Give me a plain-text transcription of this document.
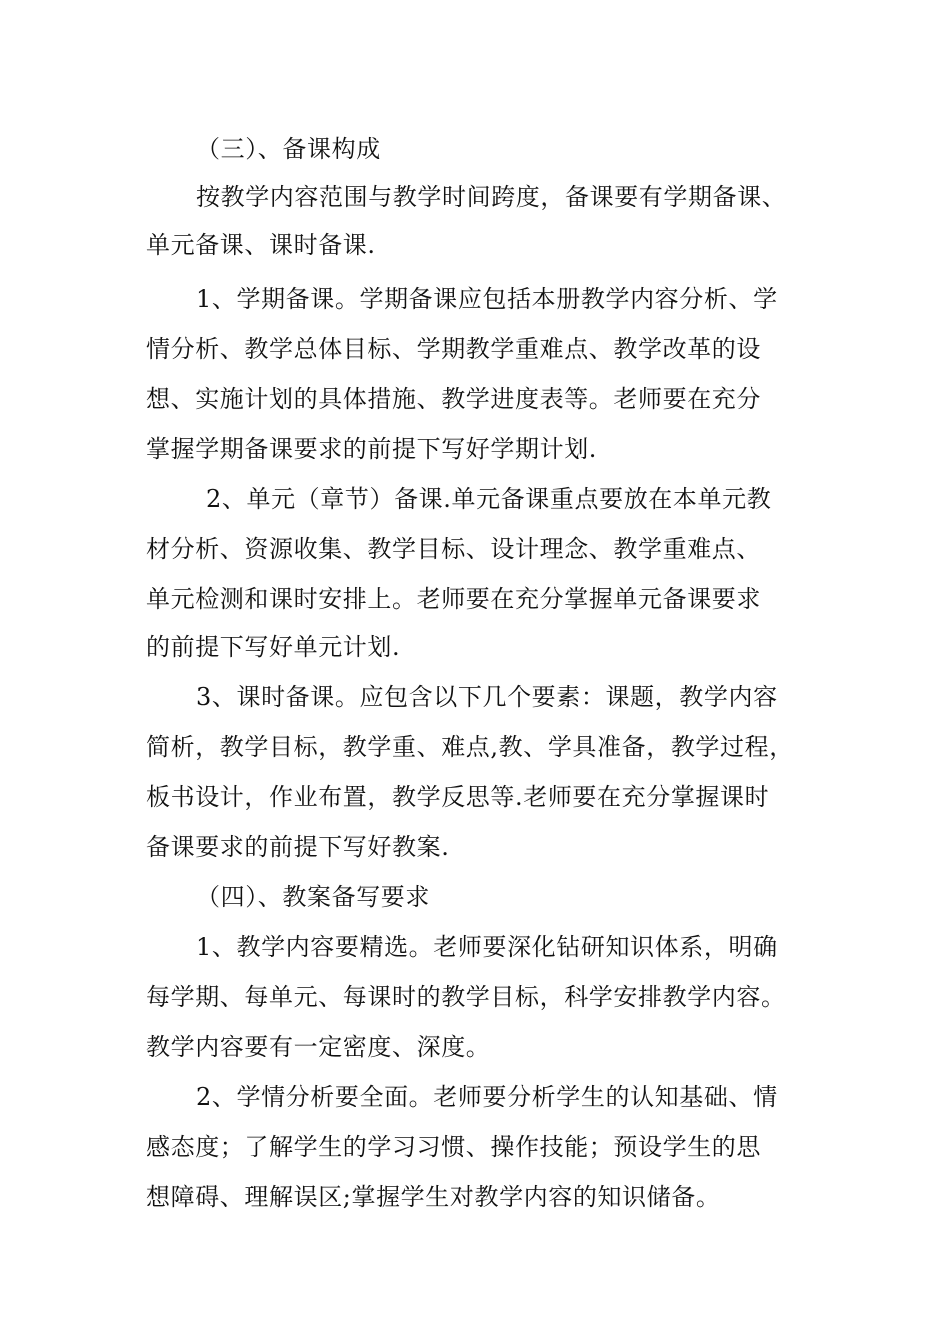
（三）、备课构成
按教学内容范围与教学时间跨度，备课要有学期备课、
单元备课、课时备课.
1、学期备课。学期备课应包括本册教学内容分析、学
情分析、教学总体目标、学期教学重难点、教学改革的设
想、实施计划的具体措施、教学进度表等。老师要在充分
掌握学期备课要求的前提下写好学期计划.
2、单元（章节）备课.单元备课重点要放在本单元教
材分析、资源收集、教学目标、设计理念、教学重难点、
单元检测和课时安排上。老师要在充分掌握单元备课要求
的前提下写好单元计划.
3、课时备课。应包含以下几个要素：课题，教学内容
简析，教学目标，教学重、难点,教、学具准备，教学过程，
板书设计，作业布置，教学反思等.老师要在充分掌握课时
备课要求的前提下写好教案.
（四）、教案备写要求
1、教学内容要精选。老师要深化钻研知识体系，明确
每学期、每单元、每课时的教学目标，科学安排教学内容。
教学内容要有一定密度、深度。
2、学情分析要全面。老师要分析学生的认知基础、情
感态度；了解学生的学习习惯、操作技能；预设学生的思
想障碍、理解误区;掌握学生对教学内容的知识储备。
